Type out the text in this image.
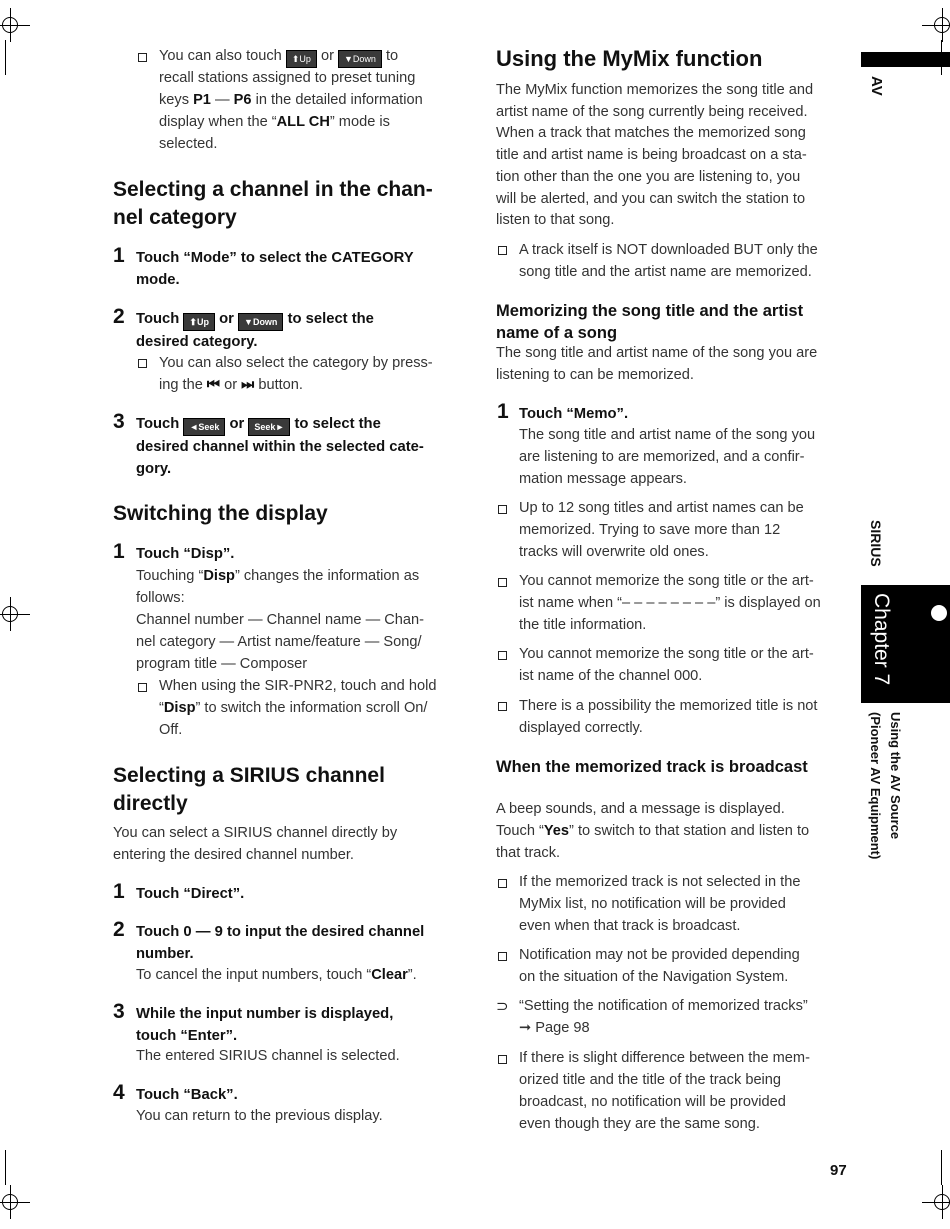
You can also touch ⬆Up or ▼Down to
recall stations assigned to preset tuning
keys P1 — P6 in the detailed information
display when the “ALL CH” mode is
selected.
Selecting a channel in the chan-
nel category
1 Touch “Mode” to select the CATEGORY
mode.
2 Touch ⬆Up or ▼Down to select the
desired category.
You can also select the category by press-
ing the ⏮ or ⏭ button.
3 Touch ◄Seek or Seek► to select the
desired channel within the selected cate-
gory.
Switching the display
1 Touch “Disp”.
Touching “Disp” changes the information as
follows:
Channel number — Channel name — Chan-
nel category — Artist name/feature — Song/
program title — Composer
When using the SIR-PNR2, touch and hold
“Disp” to switch the information scroll On/
Off.
Selecting a SIRIUS channel
directly
You can select a SIRIUS channel directly by
entering the desired channel number.
1 Touch “Direct”.
2 Touch 0 — 9 to input the desired channel
number.
To cancel the input numbers, touch “Clear”.
3 While the input number is displayed,
touch “Enter”.
The entered SIRIUS channel is selected.
4 Touch “Back”.
You can return to the previous display.
Using the MyMix function
The MyMix function memorizes the song title and
artist name of the song currently being received.
When a track that matches the memorized song
title and artist name is being broadcast on a sta-
tion other than the one you are listening to, you
will be alerted, and you can switch the station to
listen to that song.
A track itself is NOT downloaded BUT only the
song title and the artist name are memorized.
Memorizing the song title and the artist
name of a song
The song title and artist name of the song you are
listening to can be memorized.
1 Touch “Memo”.
The song title and artist name of the song you
are listening to are memorized, and a confir-
mation message appears.
Up to 12 song titles and artist names can be
memorized. Trying to save more than 12
tracks will overwrite old ones.
You cannot memorize the song title or the art-
ist name when “– – – – – – – –” is displayed on
the title information.
You cannot memorize the song title or the art-
ist name of the channel 000.
There is a possibility the memorized title is not
displayed correctly.
When the memorized track is broadcast
A beep sounds, and a message is displayed.
Touch “Yes” to switch to that station and listen to
that track.
If the memorized track is not selected in the
MyMix list, no notification will be provided
even when that track is broadcast.
Notification may not be provided depending
on the situation of the Navigation System.
⊃ “Setting the notification of memorized tracks”
➞ Page 98
If there is slight difference between the mem-
orized title and the title of the track being
broadcast, no notification will be provided
even though they are the same song.
97
AV
SIRIUS
Chapter 7
Using the AV Source
(Pioneer AV Equipment)
